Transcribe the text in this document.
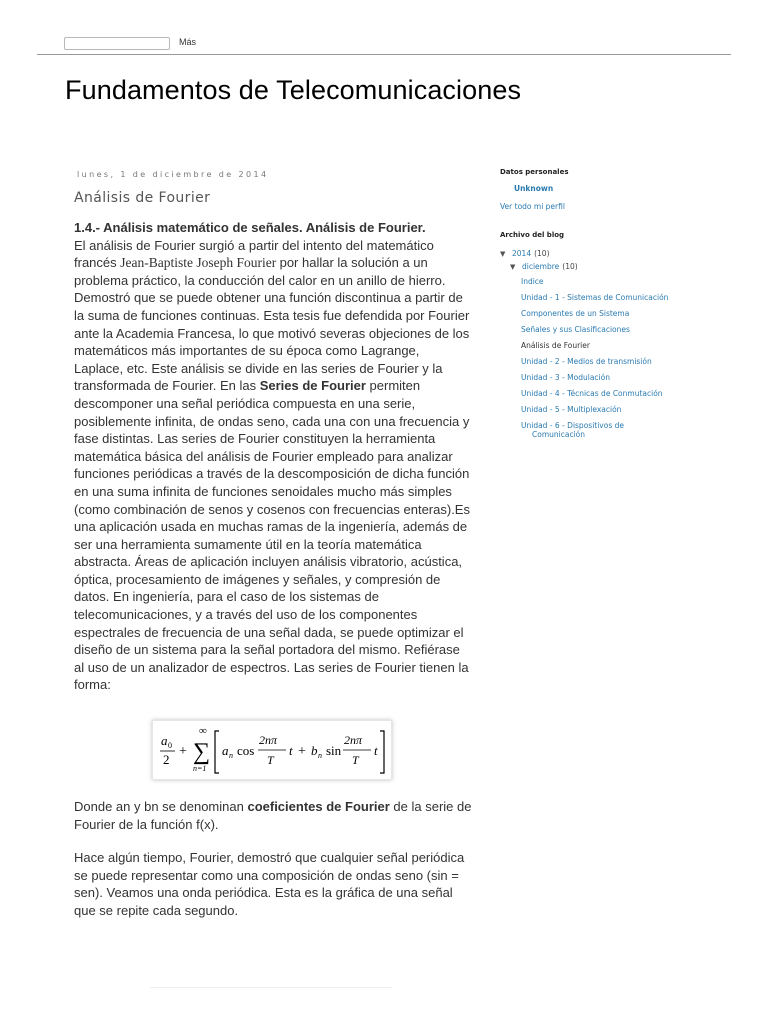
Más
Fundamentos de Telecomunicaciones
lunes, 1 de diciembre de 2014
Análisis de Fourier

1.4.- Análisis matemático de señales. Análisis de Fourier.

El análisis de Fourier surgió a partir del intento del matemático francés Jean-Baptiste Joseph Fourier por hallar la solución a un problema práctico, la conducción del calor en un anillo de hierro. Demostró que se puede obtener una función discontinua a partir de la suma de funciones continuas. Esta tesis fue defendida por Fourier ante la Academia Francesa, lo que motivó severas objeciones de los matemáticos más importantes de su época como Lagrange, Laplace, etc. Este análisis se divide en las series de Fourier y la transformada de Fourier. En las Series de Fourier permiten descomponer una señal periódica compuesta en una serie, posiblemente infinita, de ondas seno, cada una con una frecuencia y fase distintas. Las series de Fourier constituyen la herramienta matemática básica del análisis de Fourier empleado para analizar funciones periódicas a través de la descomposición de dicha función en una suma infinita de funciones senoidales mucho más simples (como combinación de senos y cosenos con frecuencias enteras).Es una aplicación usada en muchas ramas de la ingeniería, además de ser una herramienta sumamente útil en la teoría matemática abstracta. Áreas de aplicación incluyen análisis vibratorio, acústica, óptica, procesamiento de imágenes y señales, y compresión de datos. En ingeniería, para el caso de los sistemas de telecomunicaciones, y a través del uso de los componentes espectrales de frecuencia de una señal dada, se puede optimizar el diseño de un sistema para la señal portadora del mismo. Refiérase al uso de un analizador de espectros. Las series de Fourier tienen la forma:

a 0
2
+
∞
∑
n=1
a n cos
2nπ
T
t + b n sin
2nπ
T
t

Donde an y bn se denominan coeficientes de Fourier de la serie de Fourier de la función f(x).

Hace algún tiempo, Fourier, demostró que cualquier señal periódica se puede representar como una composición de ondas seno (sin = sen). Veamos una onda periódica. Esta es la gráfica de una señal que se repite cada segundo.

Datos personales
Unknown
Ver todo mi perfil
Archivo del blog
▼ 2014 (10)
▼ diciembre (10)
Indice
Unidad - 1 - Sistemas de Comunicación
Componentes de un Sistema
Señales y sus Clasificaciones
Análisis de Fourier
Unidad - 2 - Medios de transmisión
Unidad - 3 - Modulación
Unidad - 4 - Técnicas de Conmutación
Unidad - 5 - Multiplexación
Unidad - 6 - Dispositivos de
Comunicación
